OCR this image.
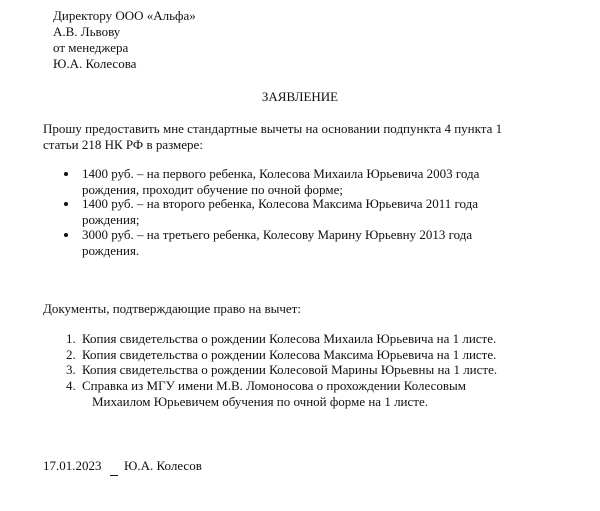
Директору ООО «Альфа»
А.В. Львову
от менеджера
Ю.А. Колесова
ЗАЯВЛЕНИЕ
Прошу предоставить мне стандартные вычеты на основании подпункта 4 пункта 1
статьи 218 НК РФ в размере:
1400 руб. – на первого ребенка, Колесова Михаила Юрьевича 2003 года
рождения, проходит обучение по очной форме;
1400 руб. – на второго ребенка, Колесова Максима Юрьевича 2011 года
рождения;
3000 руб. – на третьего ребенка, Колесову Марину Юрьевну 2013 года
рождения.
Документы, подтверждающие право на вычет:
1. Копия свидетельства о рождении Колесова Михаила Юрьевича на 1 листе.
2. Копия свидетельства о рождении Колесова Максима Юрьевича на 1 листе.
3. Копия свидетельства о рождении Колесовой Марины Юрьевны на 1 листе.
4. Справка из МГУ имени М.В. Ломоносова о прохождении Колесовым
Михаилом Юрьевичем обучения по очной форме на 1 листе.
17.01.2023 Ю.А. Колесов
